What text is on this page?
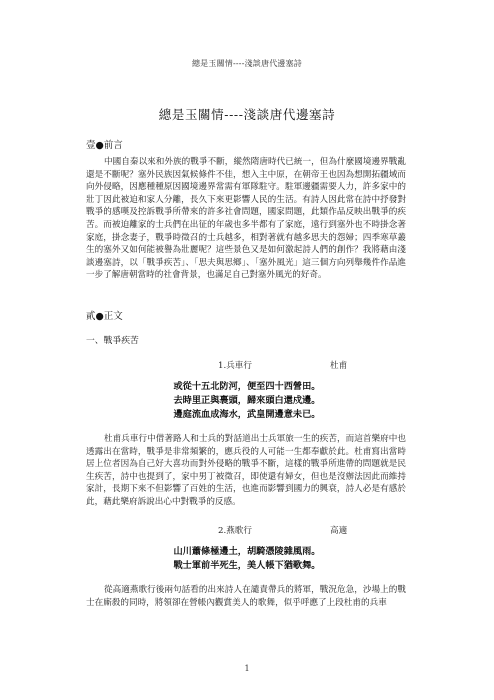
總是玉關情----淺談唐代邊塞詩
總是玉關情----淺談唐代邊塞詩
壹●前言

中國自秦以來和外族的戰爭不斷，縱然隋唐時代已統一，但為什麼國境邊界戰亂還是不斷呢？塞外民族因氣候條件不佳，想入主中原，在朝帝王也因為想開拓疆域而向外侵略，因應種種原因國境邊界常需有軍隊駐守。駐軍邊疆需要人力，許多家中的壯丁因此被迫和家人分離，長久下來更影響人民的生活。有詩人因此常在詩中抒發對戰爭的感嘆及控訴戰爭所帶來的許多社會問題，國家問題，此類作品反映出戰爭的疾苦。而被迫離家的士兵們在出征的年歲也多半都有了家庭，遠行到塞外也不時掛念著家庭，掛念妻子，戰爭時徵召的士兵越多，相對著就有越多思夫的怨婦；四季寒草叢生的塞外又如何能被譽為壯麗呢？這些景色又是如何激起詩人們的創作？我將藉由淺談邊塞詩，以「戰爭疾苦」、「思夫與思鄉」、「塞外風光」這三個方向列舉幾件作品進一步了解唐朝當時的社會背景，也滿足自己對塞外風光的好奇。

貳●正文
一、戰爭疾苦
1.兵車行	杜甫
或從十五北防河，便至四十西營田。
去時里正與裹頭，歸來頭白還戍邊。
邊庭流血成海水，武皇開邊意未已。

杜甫兵車行中借著路人和士兵的對話道出士兵軍旅一生的疾苦，而這首樂府中也透露出在當時，戰爭是非常頻繁的，應兵役的人可能一生都奉獻於此。杜甫寫出當時居上位者因為自己好大喜功而對外侵略的戰爭不斷，這樣的戰爭所進帶的問題就是民生疾苦，詩中也提到了，家中男丁被徵召，即使還有婦女，但也是沒辦法因此而維持家計，長期下來不但影響了百姓的生活，也進而影響到國力的興衰，詩人必是有感於此，藉此樂府訴說出心中對戰爭的反感。

2.燕歌行	高適
山川蕭條極邊土，胡騎憑陵雜風雨。
戰士軍前半死生，美人帳下猶歌舞。

從高適燕歌行後兩句話看的出來詩人在譴責帶兵的將軍，戰況危急，沙場上的戰士在廝殺的同時，將領卻在營帳內觀賞美人的歌舞，似乎呼應了上段杜甫的兵車

1
